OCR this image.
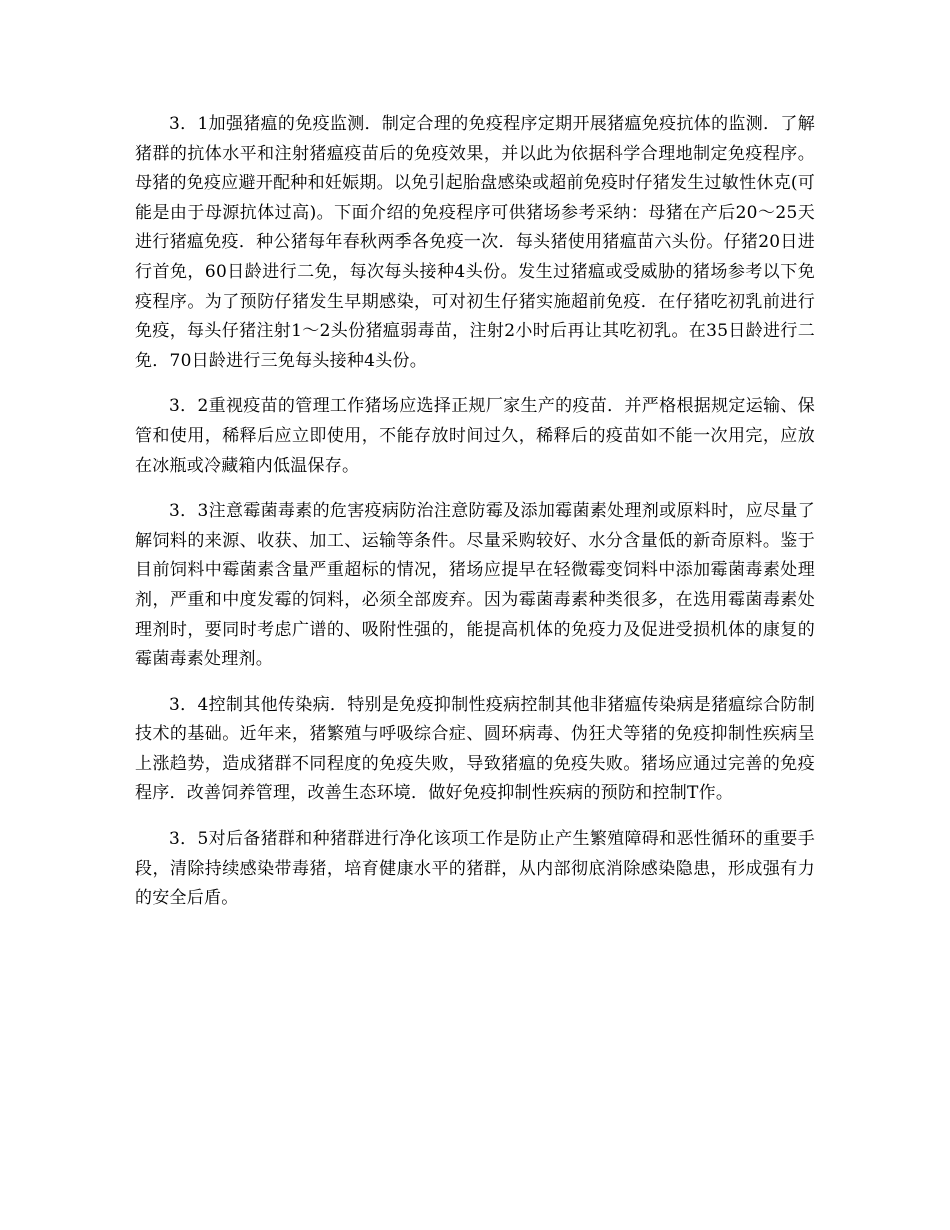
3．1加强猪瘟的免疫监测．制定合理的免疫程序定期开展猪瘟免疫抗体的监测．了解猪群的抗体水平和注射猪瘟疫苗后的免疫效果，并以此为依据科学合理地制定免疫程序。母猪的免疫应避开配种和妊娠期。以免引起胎盘感染或超前免疫时仔猪发生过敏性休克(可能是由于母源抗体过高)。下面介绍的免疫程序可供猪场参考采纳：母猪在产后20～25天进行猪瘟免疫．种公猪每年春秋两季各免疫一次．每头猪使用猪瘟苗六头份。仔猪20日进行首免，60日龄进行二免，每次每头接种4头份。发生过猪瘟或受威胁的猪场参考以下免疫程序。为了预防仔猪发生早期感染，可对初生仔猪实施超前免疫．在仔猪吃初乳前进行免疫，每头仔猪注射1～2头份猪瘟弱毒苗，注射2小时后再让其吃初乳。在35日龄进行二免．70日龄进行三免每头接种4头份。

3．2重视疫苗的管理工作猪场应选择正规厂家生产的疫苗．并严格根据规定运输、保管和使用，稀释后应立即使用，不能存放时间过久，稀释后的疫苗如不能一次用完，应放在冰瓶或冷藏箱内低温保存。

3．3注意霉菌毒素的危害疫病防治注意防霉及添加霉菌素处理剂或原料时，应尽量了解饲料的来源、收获、加工、运输等条件。尽量采购较好、水分含量低的新奇原料。鉴于目前饲料中霉菌素含量严重超标的情况，猪场应提早在轻微霉变饲料中添加霉菌毒素处理剂，严重和中度发霉的饲料，必须全部废弃。因为霉菌毒素种类很多，在选用霉菌毒素处理剂时，要同时考虑广谱的、吸附性强的，能提高机体的免疫力及促进受损机体的康复的霉菌毒素处理剂。

3．4控制其他传染病．特别是免疫抑制性疫病控制其他非猪瘟传染病是猪瘟综合防制技术的基础。近年来，猪繁殖与呼吸综合症、圆环病毒、伪狂犬等猪的免疫抑制性疾病呈上涨趋势，造成猪群不同程度的免疫失败，导致猪瘟的免疫失败。猪场应通过完善的免疫程序．改善饲养管理，改善生态环境．做好免疫抑制性疾病的预防和控制T作。

3．5对后备猪群和种猪群进行净化该项工作是防止产生繁殖障碍和恶性循环的重要手段，清除持续感染带毒猪，培育健康水平的猪群，从内部彻底消除感染隐患，形成强有力的安全后盾。
